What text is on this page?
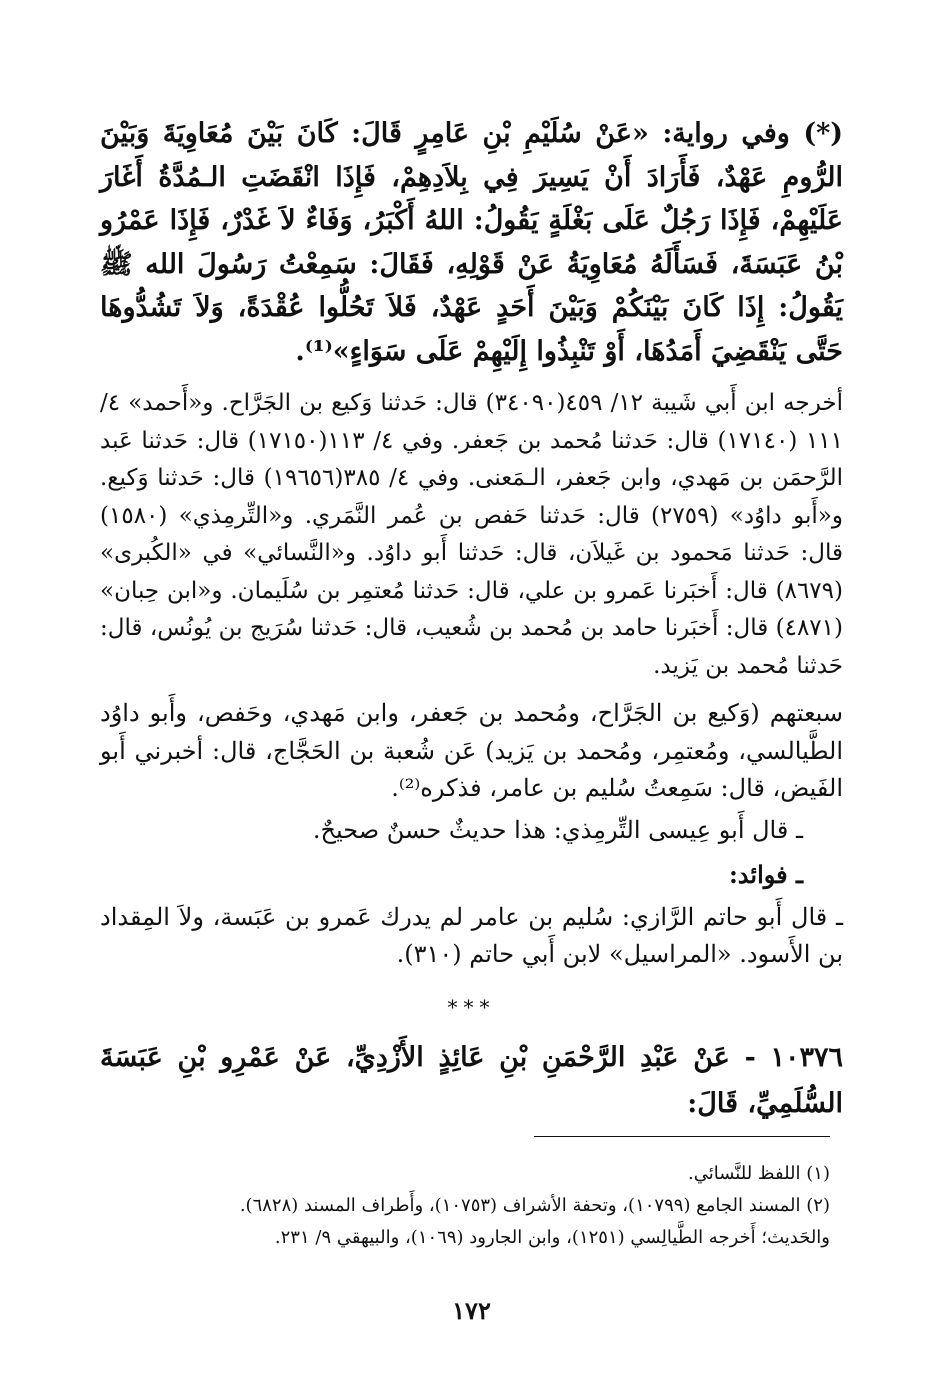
(*) وفي رواية: «عَنْ سُلَيْمِ بْنِ عَامِرٍ قَالَ: كَانَ بَيْنَ مُعَاوِيَةَ وَبَيْنَ الرُّومِ عَهْدٌ، فَأَرَادَ أَنْ يَسِيرَ فِي بِلاَدِهِمْ، فَإِذَا انْقَضَتِ الـمُدَّةُ أَغَارَ عَلَيْهِمْ، فَإِذَا رَجُلٌ عَلَى بَغْلَةٍ يَقُولُ: اللهُ أَكْبَرُ، وَفَاءٌ لاَ غَدْرٌ، فَإِذَا عَمْرُو بْنُ عَبَسَةَ، فَسَأَلَهُ مُعَاوِيَةُ عَنْ قَوْلِهِ، فَقَالَ: سَمِعْتُ رَسُولَ الله ﷺ يَقُولُ: إِذَا كَانَ بَيْنَكُمْ وَبَيْنَ أَحَدٍ عَهْدٌ، فَلاَ تَحُلُّوا عُقْدَةً، وَلاَ تَشُدُّوهَا حَتَّى يَنْقَضِيَ أَمَدُهَا، أَوْ تَنْبِذُوا إِلَيْهِمْ عَلَى سَوَاءٍ»⁽¹⁾.

أخرجه ابن أَبي شَيبة ١٢/ ٤٥٩(٣٤٠٩٠) قال: حَدثنا وَكيع بن الجَرَّاح. و«أَحمد» ٤/ ١١١ (١٧١٤٠) قال: حَدثنا مُحمد بن جَعفر. وفي ٤/ ١١٣(١٧١٥٠) قال: حَدثنا عَبد الرَّحمَن بن مَهدي، وابن جَعفر، الـمَعنى. وفي ٤/ ٣٨٥(١٩٦٥٦) قال: حَدثنا وَكيع. و«أَبو داوُد» (٢٧٥٩) قال: حَدثنا حَفص بن عُمر النَّمَري. و«التِّرمِذي» (١٥٨٠) قال: حَدثنا مَحمود بن غَيلاَن، قال: حَدثنا أَبو داوُد. و«النَّسائي» في «الكُبرى» (٨٦٧٩) قال: أَخبَرنا عَمرو بن علي، قال: حَدثنا مُعتمِر بن سُلَيمان. و«ابن حِبان» (٤٨٧١) قال: أَخبَرنا حامد بن مُحمد بن شُعيب، قال: حَدثنا سُرَيج بن يُونُس، قال: حَدثنا مُحمد بن يَزيد.

سبعتهم (وَكيع بن الجَرَّاح، ومُحمد بن جَعفر، وابن مَهدي، وحَفص، وأَبو داوُد الطَّيالسي، ومُعتمِر، ومُحمد بن يَزيد) عَن شُعبة بن الحَجَّاج، قال: أخبرني أَبو الفَيض، قال: سَمِعتُ سُليم بن عامر، فذكره⁽²⁾.

ـ قال أَبو عِيسى التِّرمِذي: هذا حديثٌ حسنٌ صحيحٌ.

ـ فوائد:

ـ قال أَبو حاتم الرَّازي: سُليم بن عامر لم يدرك عَمرو بن عَبَسة، ولاَ المِقداد بن الأَسود. «المراسيل» لابن أَبي حاتم (٣١٠).

***

١٠٣٧٦ - عَنْ عَبْدِ الرَّحْمَنِ بْنِ عَائِذٍ الأَزْدِيِّ، عَنْ عَمْرِو بْنِ عَبَسَةَ السُّلَمِيِّ، قَالَ:

(١) اللفظ للنَّسائي.

(٢) المسند الجامع (١٠٧٩٩)، وتحفة الأشراف (١٠٧٥٣)، وأَطراف المسند (٦٨٢٨).

والحَديث؛ أَخرجه الطَّيالِسي (١٢٥١)، وابن الجارود (١٠٦٩)، والبيهقي ٩/ ٢٣١.

١٧٢
